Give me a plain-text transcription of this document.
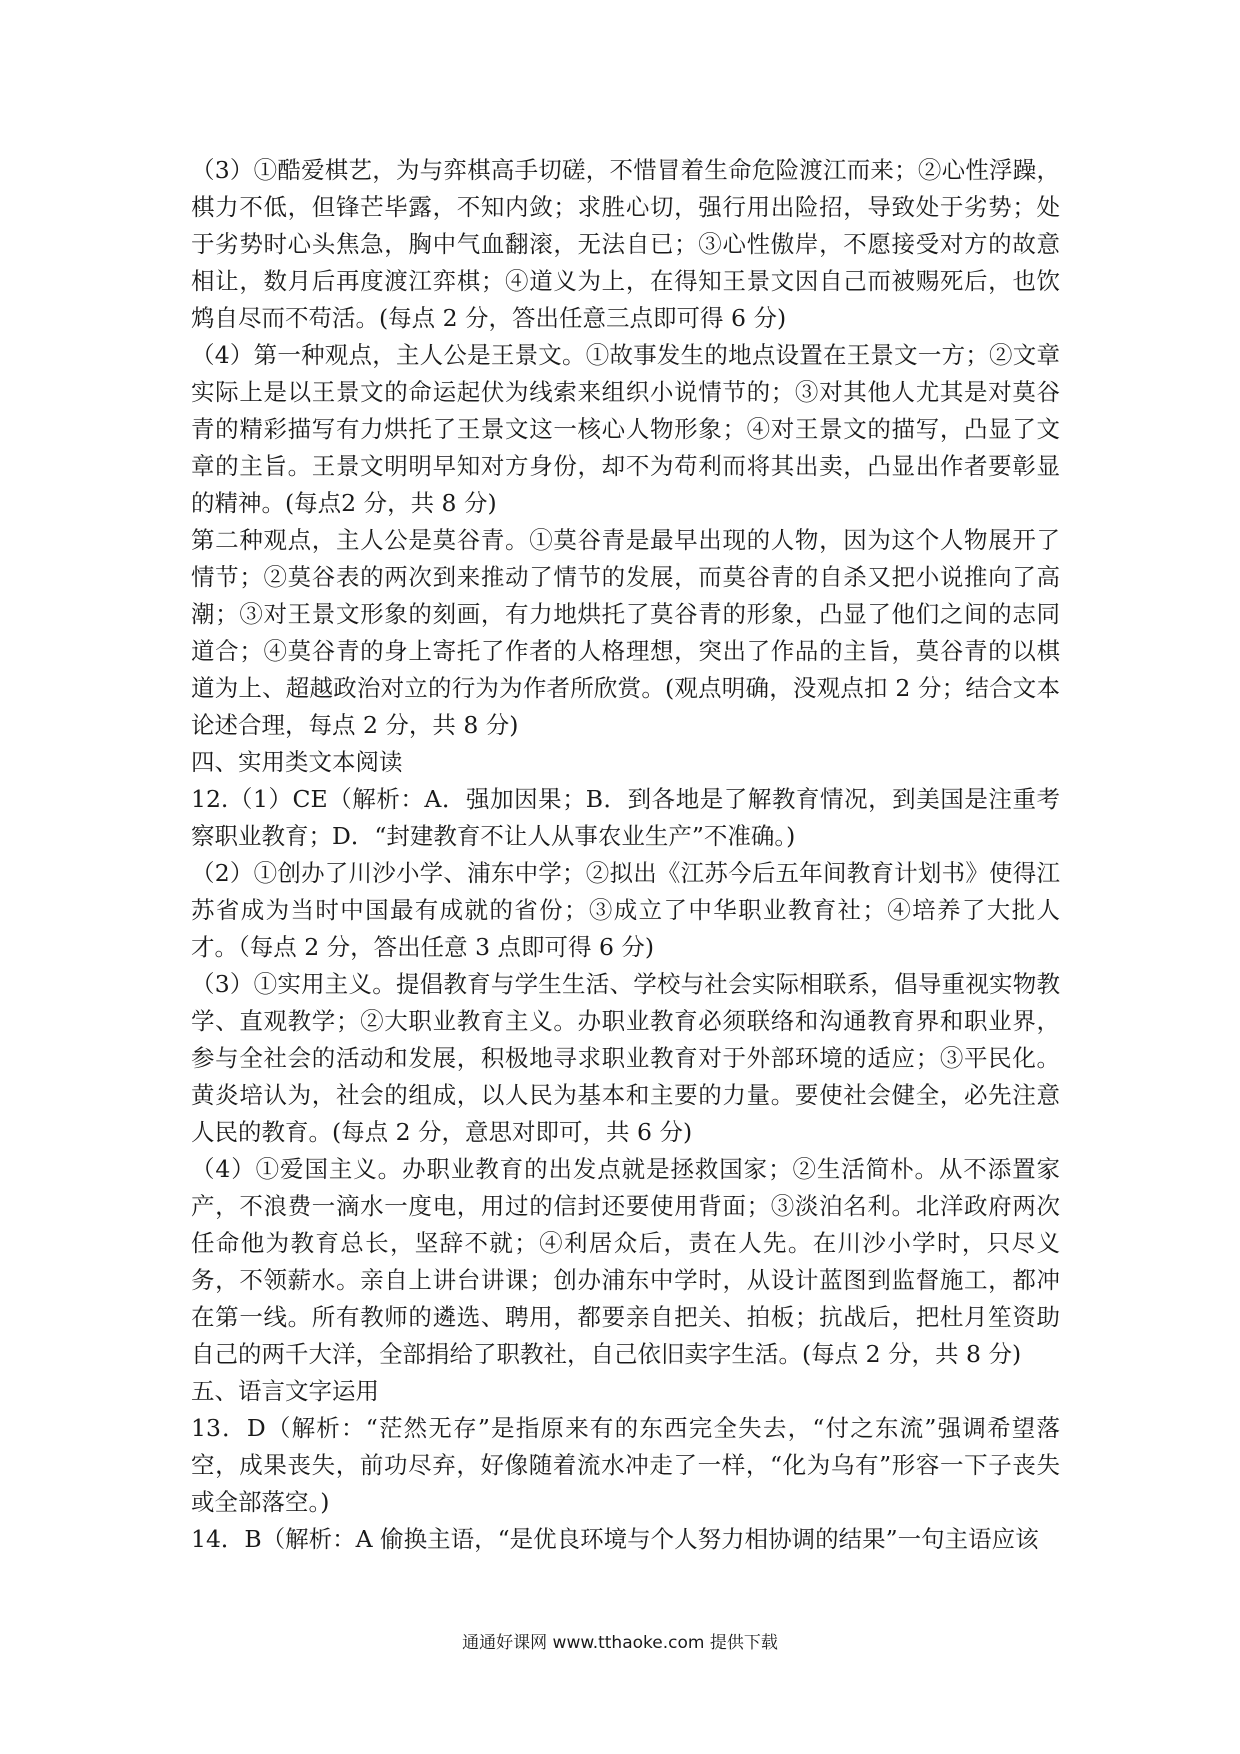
（3）①酷爱棋艺，为与弈棋高手切磋，不惜冒着生命危险渡江而来；②心性浮躁，棋力不低，但锋芒毕露，不知内敛；求胜心切，强行用出险招，导致处于劣势；处于劣势时心头焦急，胸中气血翻滚，无法自已；③心性傲岸，不愿接受对方的故意相让，数月后再度渡江弈棋；④道义为上，在得知王景文因自己而被赐死后，也饮鸩自尽而不苟活。(每点 2 分，答出任意三点即可得 6 分)

（4）第一种观点，主人公是王景文。①故事发生的地点设置在王景文一方；②文章实际上是以王景文的命运起伏为线索来组织小说情节的；③对其他人尤其是对莫谷青的精彩描写有力烘托了王景文这一核心人物形象；④对王景文的描写，凸显了文章的主旨。王景文明明早知对方身份，却不为苟利而将其出卖，凸显出作者要彰显的精神。(每点2 分，共 8 分)

第二种观点，主人公是莫谷青。①莫谷青是最早出现的人物，因为这个人物展开了情节；②莫谷表的两次到来推动了情节的发展，而莫谷青的自杀又把小说推向了高潮；③对王景文形象的刻画，有力地烘托了莫谷青的形象，凸显了他们之间的志同道合；④莫谷青的身上寄托了作者的人格理想，突出了作品的主旨，莫谷青的以棋道为上、超越政治对立的行为为作者所欣赏。(观点明确，没观点扣 2 分；结合文本论述合理，每点 2 分，共 8 分)

四、实用类文本阅读

12.（1）CE（解析：A．强加因果；B．到各地是了解教育情况，到美国是注重考察职业教育；D．“封建教育不让人从事农业生产”不准确。)

（2）①创办了川沙小学、浦东中学；②拟出《江苏今后五年间教育计划书》使得江苏省成为当时中国最有成就的省份；③成立了中华职业教育社；④培养了大批人才。（每点 2 分，答出任意 3 点即可得 6 分)

（3）①实用主义。提倡教育与学生生活、学校与社会实际相联系，倡导重视实物教学、直观教学；②大职业教育主义。办职业教育必须联络和沟通教育界和职业界，参与全社会的活动和发展，积极地寻求职业教育对于外部环境的适应；③平民化。黄炎培认为，社会的组成，以人民为基本和主要的力量。要使社会健全，必先注意人民的教育。(每点 2 分，意思对即可，共 6 分)

（4）①爱国主义。办职业教育的出发点就是拯救国家；②生活简朴。从不添置家产，不浪费一滴水一度电，用过的信封还要使用背面；③淡泊名利。北洋政府两次任命他为教育总长，坚辞不就；④利居众后，责在人先。在川沙小学时，只尽义务，不领薪水。亲自上讲台讲课；创办浦东中学时，从设计蓝图到监督施工，都冲在第一线。所有教师的遴选、聘用，都要亲自把关、拍板；抗战后，把杜月笙资助自己的两千大洋，全部捐给了职教社，自己依旧卖字生活。(每点 2 分，共 8 分)

五、语言文字运用

13．D（解析：“茫然无存”是指原来有的东西完全失去，“付之东流”强调希望落空，成果丧失，前功尽弃，好像随着流水冲走了一样，“化为乌有”形容一下子丧失或全部落空。)

14．B（解析：A 偷换主语，“是优良环境与个人努力相协调的结果”一句主语应该

通通好课网 www.tthaoke.com 提供下载
